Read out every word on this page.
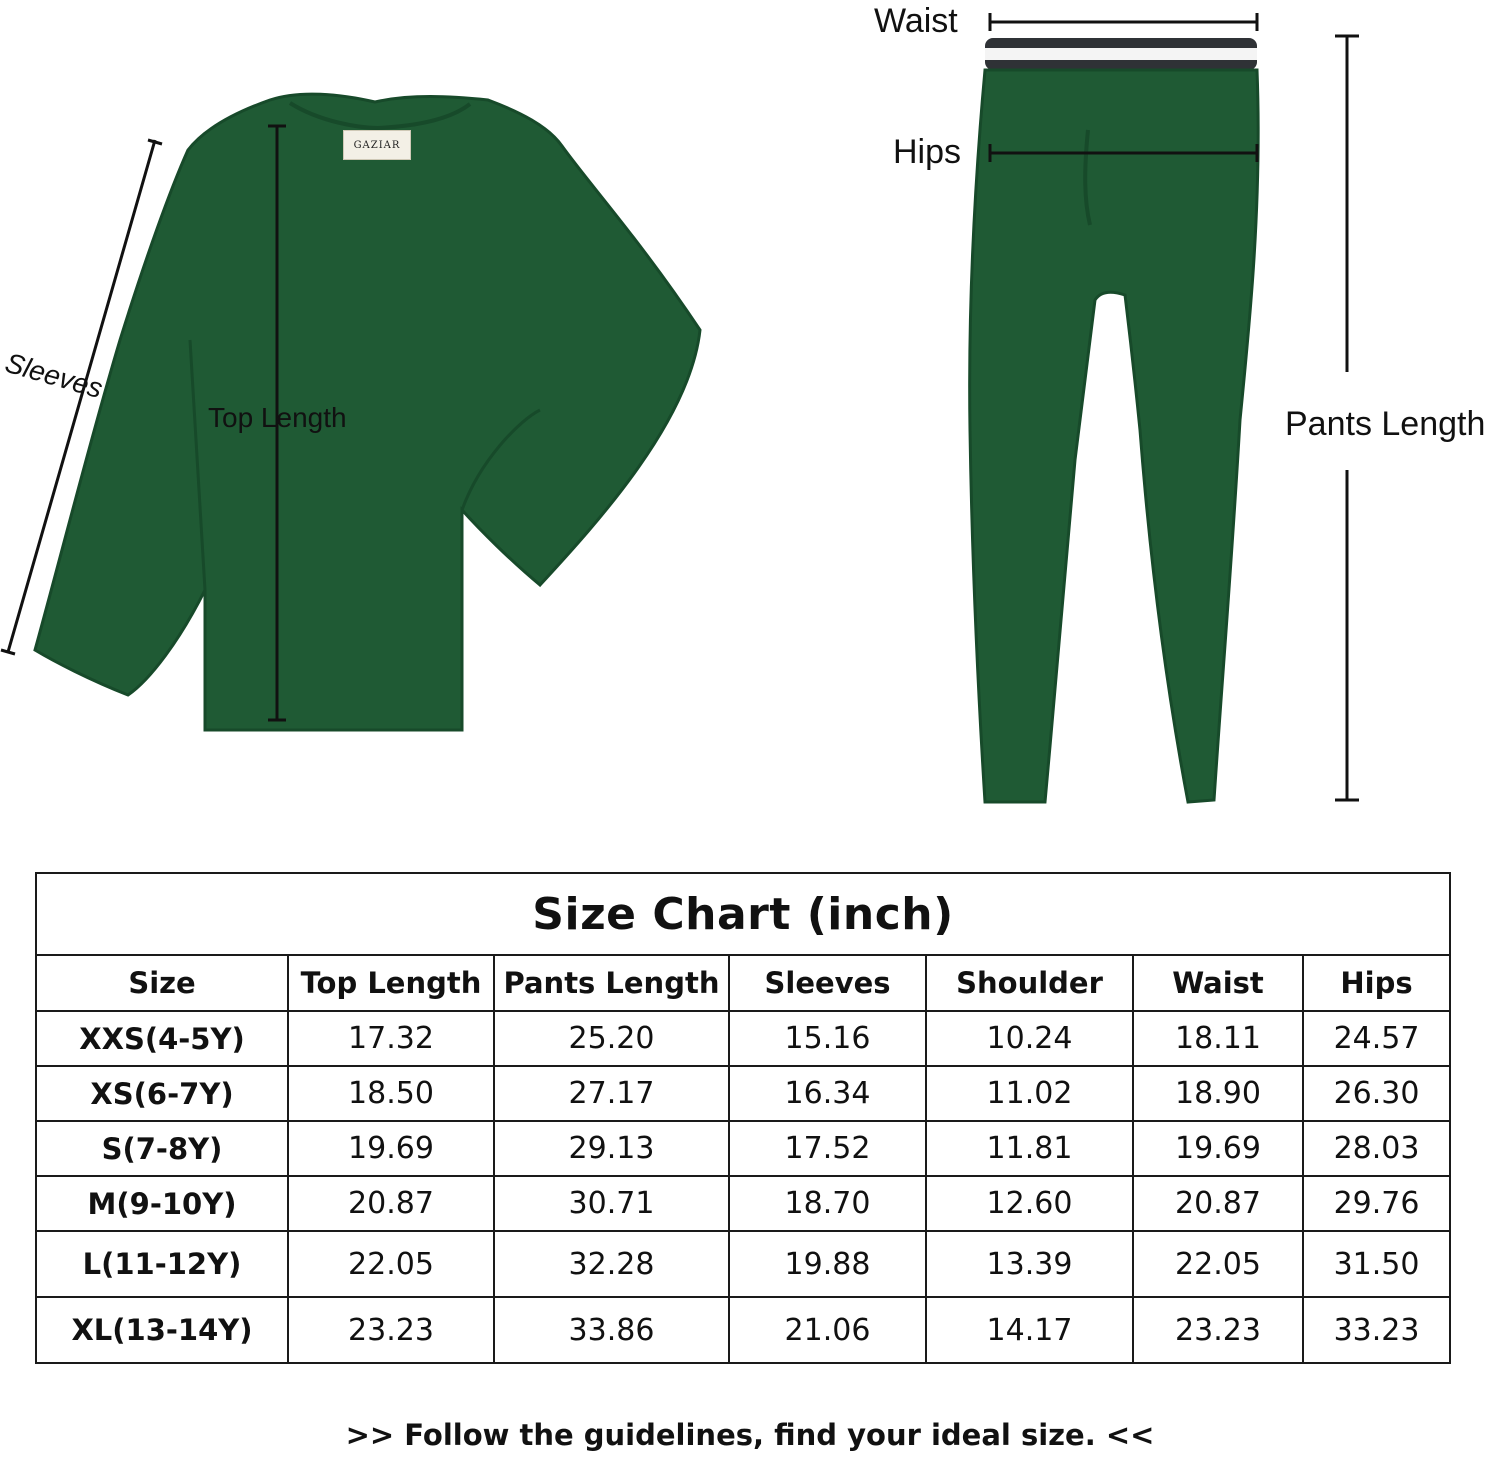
GAZIAR
Sleeves
Top Length
Waist
Hips
Pants Length
Size Chart (inch)						
Size	Top Length	Pants Length	Sleeves	Shoulder	Waist	Hips
XXS(4-5Y)	17.32	25.20	15.16	10.24	18.11	24.57
XS(6-7Y)	18.50	27.17	16.34	11.02	18.90	26.30
S(7-8Y)	19.69	29.13	17.52	11.81	19.69	28.03
M(9-10Y)	20.87	30.71	18.70	12.60	20.87	29.76
L(11-12Y)	22.05	32.28	19.88	13.39	22.05	31.50
XL(13-14Y)	23.23	33.86	21.06	14.17	23.23	33.23
>> Follow the guidelines, find your ideal size. <<
